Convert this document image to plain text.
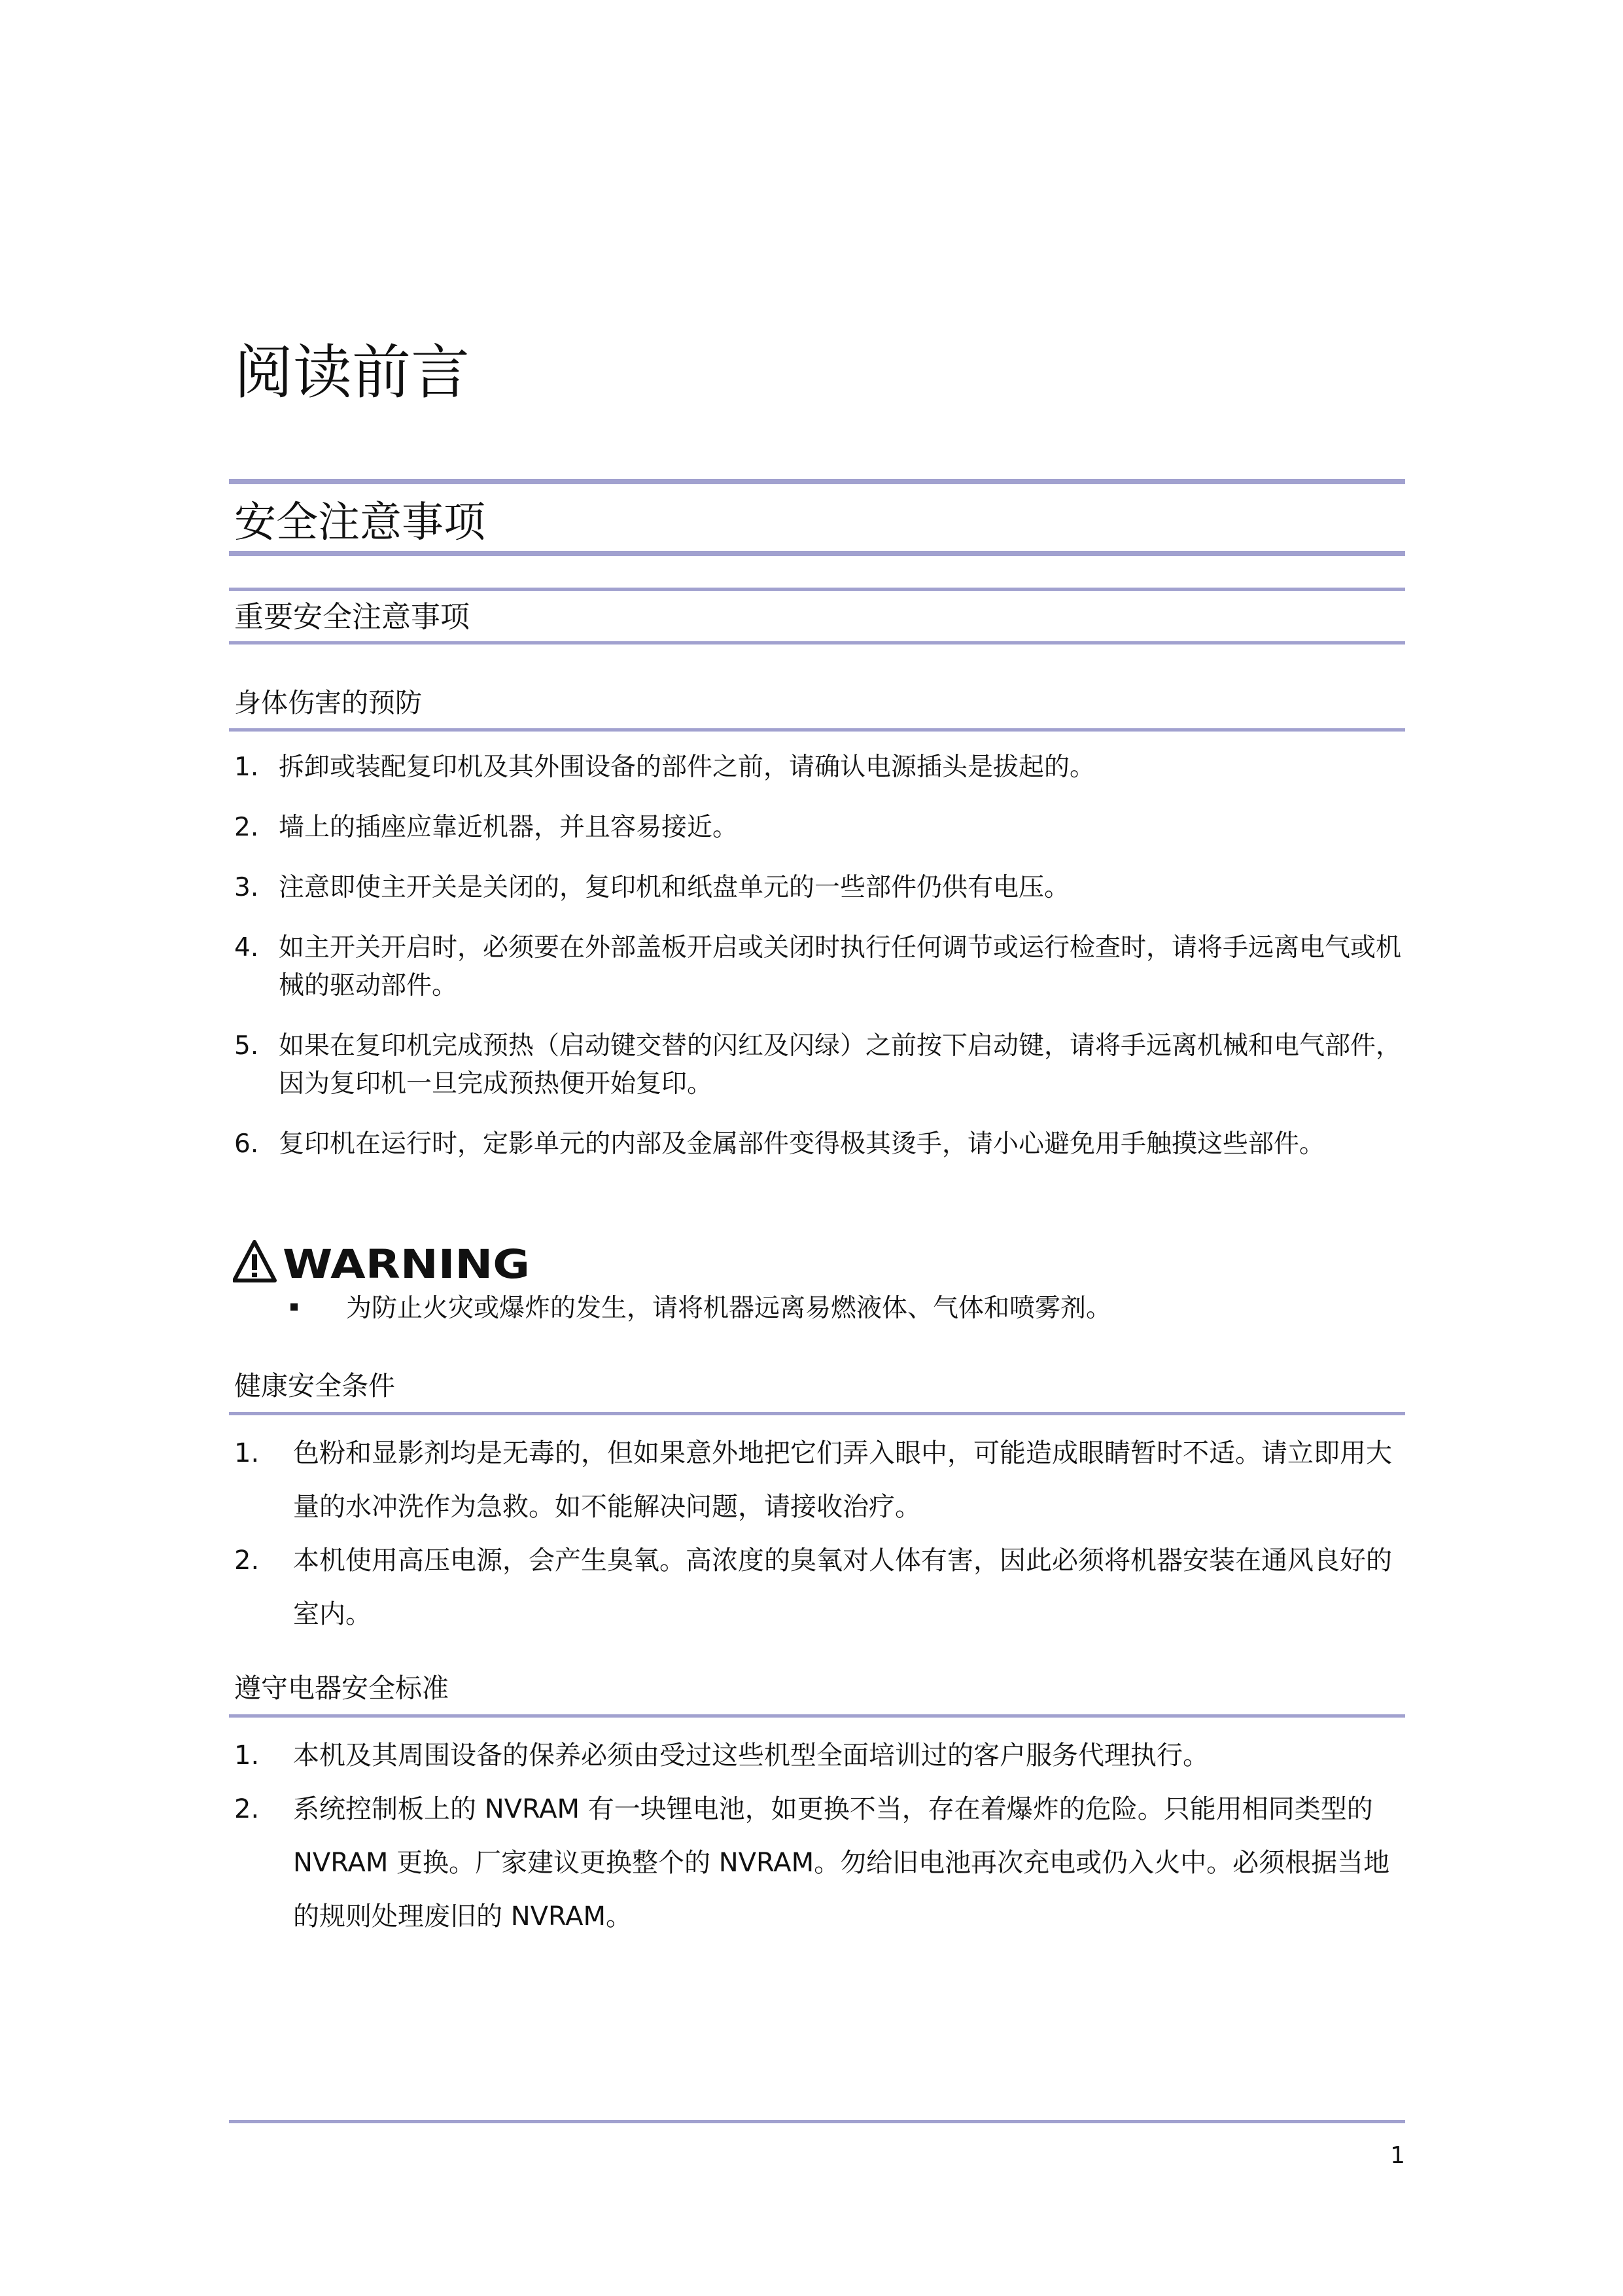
阅读前言
安全注意事项
重要安全注意事项
身体伤害的预防
1. 拆卸或装配复印机及其外围设备的部件之前，请确认电源插头是拔起的。
2. 墙上的插座应靠近机器，并且容易接近。
3. 注意即使主开关是关闭的，复印机和纸盘单元的一些部件仍供有电压。
4. 如主开关开启时，必须要在外部盖板开启或关闭时执行任何调节或运行检查时，请将手远离电气或机械的驱动部件。
5. 如果在复印机完成预热（启动键交替的闪红及闪绿）之前按下启动键，请将手远离机械和电气部件，因为复印机一旦完成预热便开始复印。
6. 复印机在运行时，定影单元的内部及金属部件变得极其烫手，请小心避免用手触摸这些部件。
WARNING
为防止火灾或爆炸的发生，请将机器远离易燃液体、气体和喷雾剂。
健康安全条件
1. 色粉和显影剂均是无毒的，但如果意外地把它们弄入眼中，可能造成眼睛暂时不适。请立即用大量的水冲洗作为急救。如不能解决问题，请接收治疗。
2. 本机使用高压电源，会产生臭氧。高浓度的臭氧对人体有害，因此必须将机器安装在通风良好的室内。
遵守电器安全标准
1. 本机及其周围设备的保养必须由受过这些机型全面培训过的客户服务代理执行。
2. 系统控制板上的 NVRAM 有一块锂电池，如更换不当，存在着爆炸的危险。只能用相同类型的 NVRAM 更换。厂家建议更换整个的 NVRAM。勿给旧电池再次充电或仍入火中。必须根据当地的规则处理废旧的 NVRAM。
1
